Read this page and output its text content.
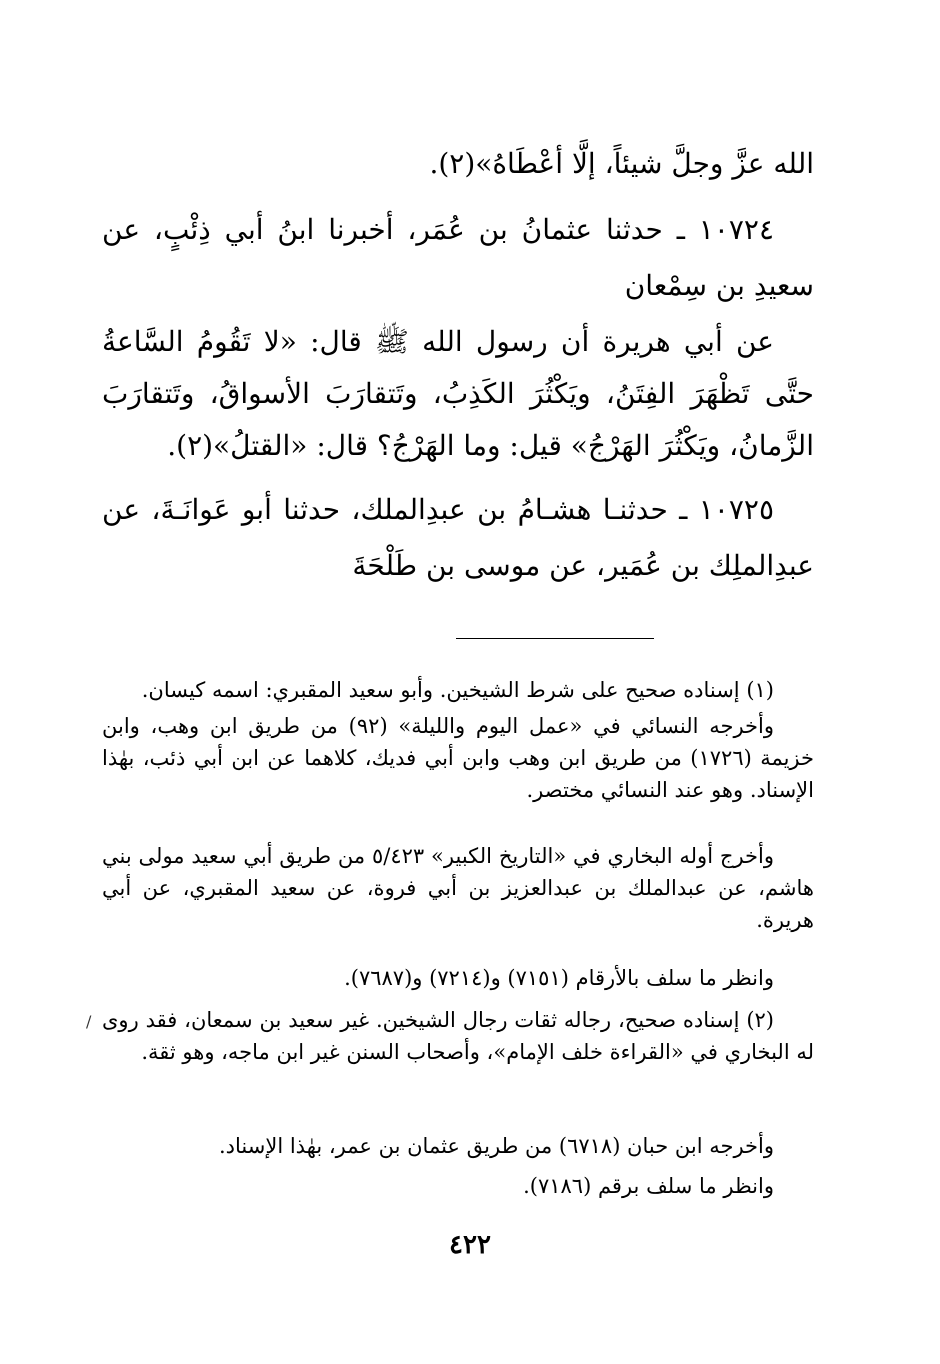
الله عزَّ وجلَّ شيئاً، إلَّا أعْطَاهُ»(٢).

١٠٧٢٤ ـ حدثنا عثمانُ بن عُمَر، أخبرنا ابنُ أبي ذِئْبٍ، عن سعيدِ بن سِمْعان

عن أبي هريرة أن رسول الله ﷺ قال: «لا تَقُومُ السَّاعةُ حتَّى تَظْهَرَ الفِتَنُ، ويَكْثُرَ الكَذِبُ، وتَتقارَبَ الأسواقُ، وتَتقارَبَ الزَّمانُ، ويَكْثُرَ الهَرْجُ» قيل: وما الهَرْجُ؟ قال: «القتلُ»(٢).

١٠٧٢٥ ـ حدثنـا هشـامُ بن عبدِالملك، حدثنا أبو عَوانَـةَ، عن عبدِالملِك بن عُمَير، عن موسى بن طَلْحَةَ

(١) إسناده صحيح على شرط الشيخين. وأبو سعيد المقبري: اسمه كيسان.

وأخرجه النسائي في «عمل اليوم والليلة» (٩٢) من طريق ابن وهب، وابن خزيمة (١٧٢٦) من طريق ابن وهب وابن أبي فديك، كلاهما عن ابن أبي ذئب، بهٰذا الإسناد. وهو عند النسائي مختصر.

وأخرج أوله البخاري في «التاريخ الكبير» ٥/٤٢٣ من طريق أبي سعيد مولى بني هاشم، عن عبدالملك بن عبدالعزيز بن أبي فروة، عن سعيد المقبري، عن أبي هريرة.

وانظر ما سلف بالأرقام (٧١٥١) و(٧٢١٤) و(٧٦٨٧).

/ (٢) إسناده صحيح، رجاله ثقات رجال الشيخين. غير سعيد بن سمعان، فقد روى له البخاري في «القراءة خلف الإمام»، وأصحاب السنن غير ابن ماجه، وهو ثقة.

وأخرجه ابن حبان (٦٧١٨) من طريق عثمان بن عمر، بهٰذا الإسناد.

وانظر ما سلف برقم (٧١٨٦).

٤٢٢
